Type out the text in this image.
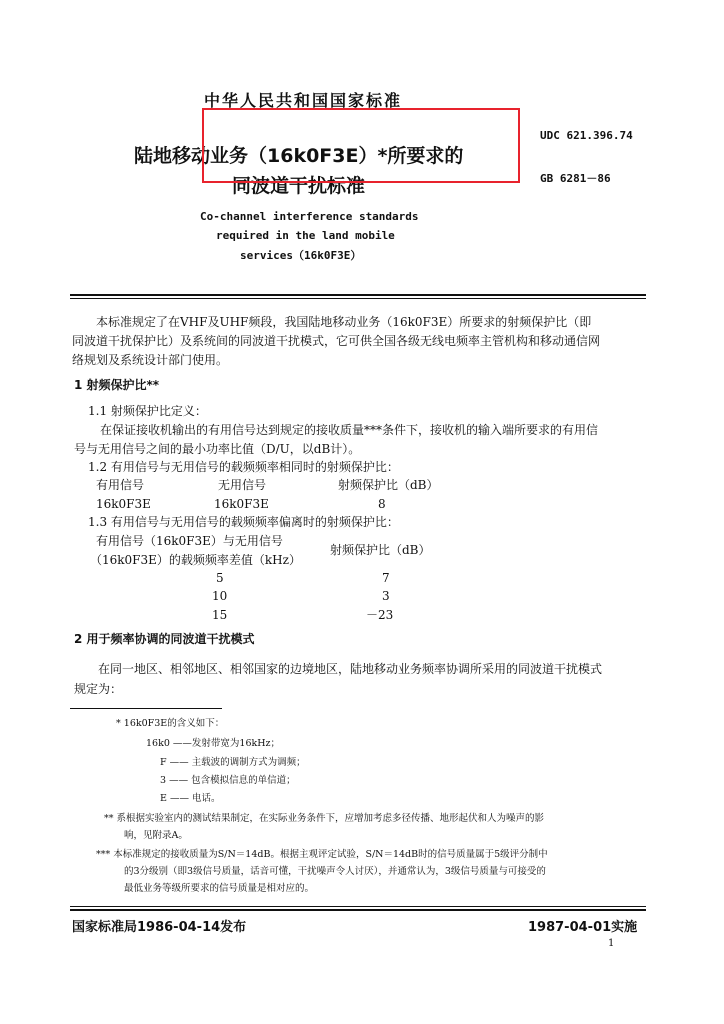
中华人民共和国国家标准
UDC 621.396.74
GB 6281－86
陆地移动业务（16k0F3E）*所要求的
同波道干扰标准
Co-channel interference standards
required in the land mobile
services（16k0F3E）
本标准规定了在VHF及UHF频段，我国陆地移动业务（16k0F3E）所要求的射频保护比（即
同波道干扰保护比）及系统间的同波道干扰模式，它可供全国各级无线电频率主管机构和移动通信网
络规划及系统设计部门使用。
1 射频保护比**
1.1 射频保护比定义：
在保证接收机输出的有用信号达到规定的接收质量***条件下，接收机的输入端所要求的有用信
号与无用信号之间的最小功率比值（D/U，以dB计）。
1.2 有用信号与无用信号的载频频率相同时的射频保护比：
有用信号	无用信号	射频保护比（dB）
16k0F3E	16k0F3E	8
1.3 有用信号与无用信号的载频频率偏离时的射频保护比：
有用信号（16k0F3E）与无用信号
（16k0F3E）的载频频率差值（kHz）
射频保护比（dB）
5	7
10	3
15	－23
2 用于频率协调的同波道干扰模式
在同一地区、相邻地区、相邻国家的边境地区，陆地移动业务频率协调所采用的同波道干扰模式
规定为：
* 16k0F3E的含义如下：
16k0 ——发射带宽为16kHz；
F —— 主载波的调制方式为调频；
3 —— 包含模拟信息的单信道；
E —— 电话。
** 系根据实验室内的测试结果制定，在实际业务条件下，应增加考虑多径传播、地形起伏和人为噪声的影
响，见附录A。
*** 本标准规定的接收质量为S/N＝14dB。根据主观评定试验，S/N＝14dB时的信号质量属于5级评分制中
的3分级别（即3级信号质量，话音可懂，干扰噪声令人讨厌），并通常认为，3级信号质量与可接受的
最低业务等级所要求的信号质量是相对应的。
国家标准局1986-04-14发布	1987-04-01实施
1
